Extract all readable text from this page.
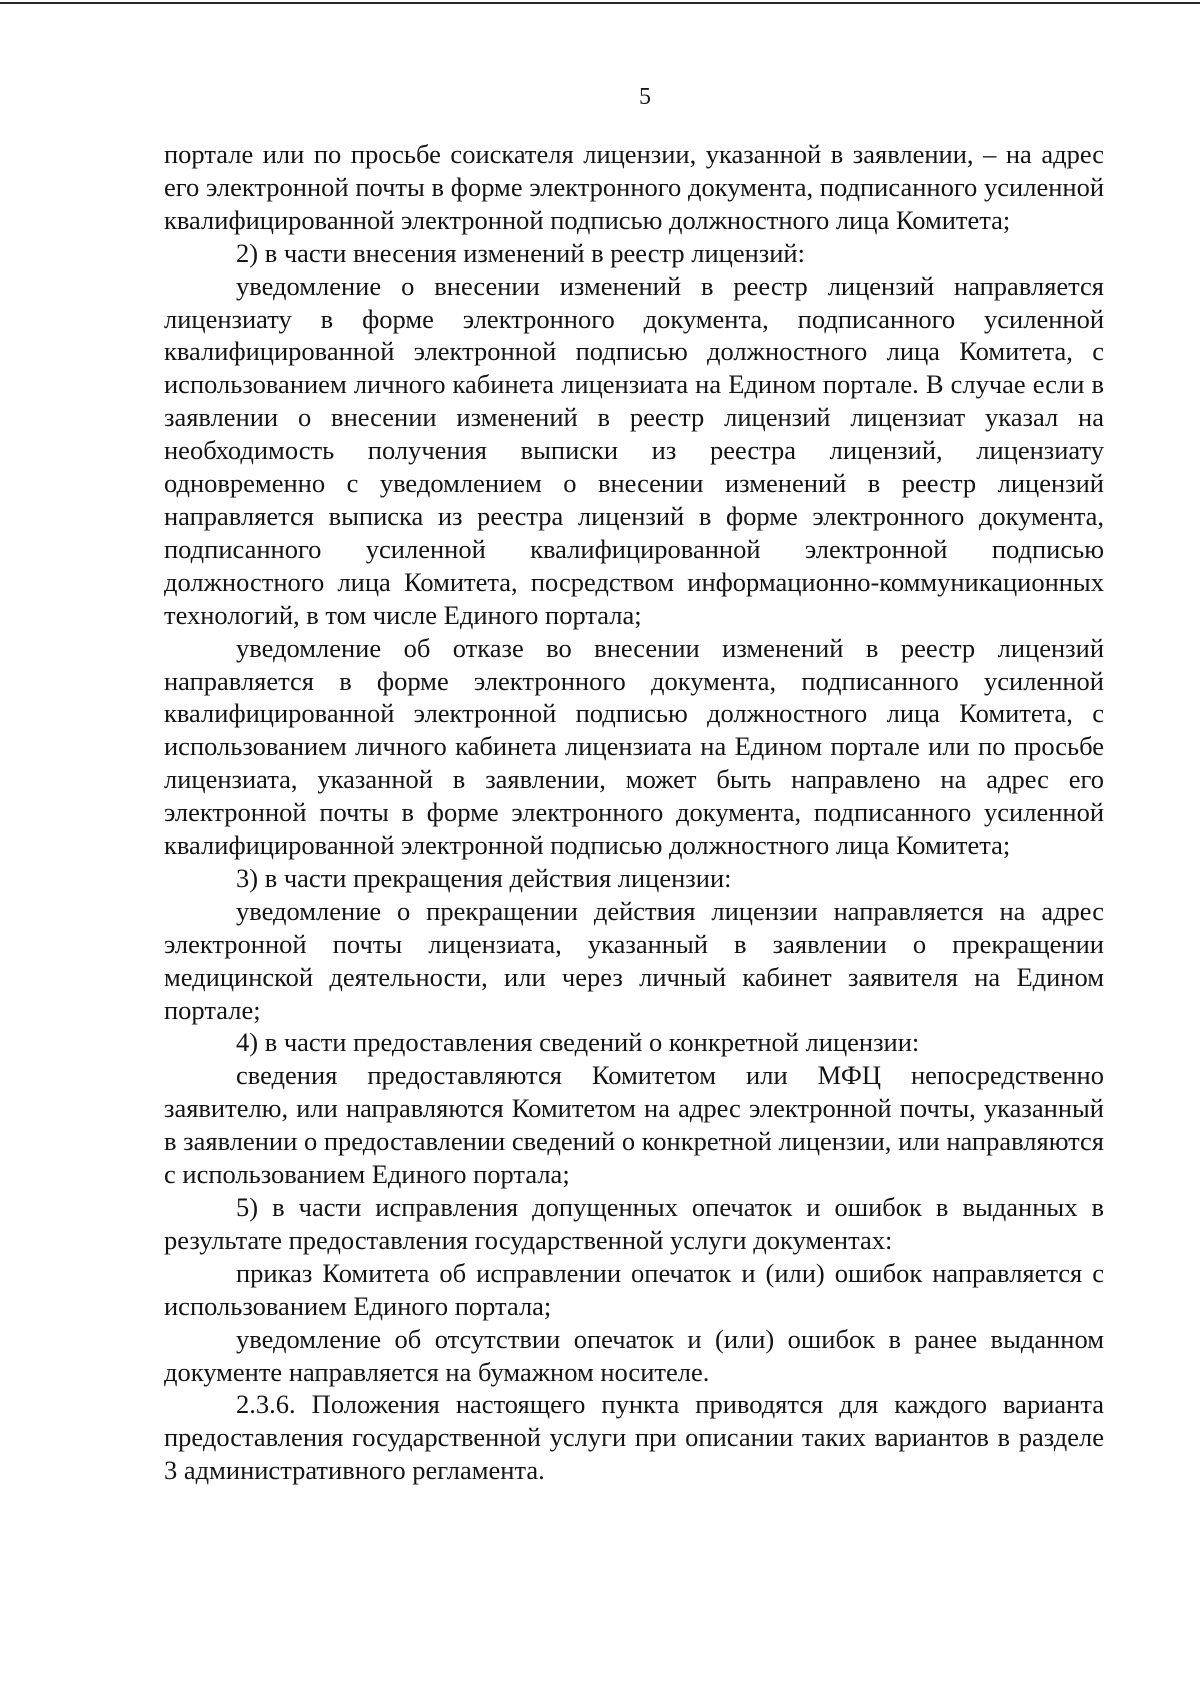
5

портале или по просьбе соискателя лицензии, указанной в заявлении, – на адрес его электронной почты в форме электронного документа, подписанного усиленной квалифицированной электронной подписью должностного лица Комитета;

2) в части внесения изменений в реестр лицензий:

уведомление о внесении изменений в реестр лицензий направляется лицензиату в форме электронного документа, подписанного усиленной квалифицированной электронной подписью должностного лица Комитета, с использованием личного кабинета лицензиата на Едином портале. В случае если в заявлении о внесении изменений в реестр лицензий лицензиат указал на необходимость получения выписки из реестра лицензий, лицензиату одновременно с уведомлением о внесении изменений в реестр лицензий направляется выписка из реестра лицензий в форме электронного документа, подписанного усиленной квалифицированной электронной подписью должностного лица Комитета, посредством информационно-коммуникационных технологий, в том числе Единого портала;

уведомление об отказе во внесении изменений в реестр лицензий направляется в форме электронного документа, подписанного усиленной квалифицированной электронной подписью должностного лица Комитета, с использованием личного кабинета лицензиата на Едином портале или по просьбе лицензиата, указанной в заявлении, может быть направлено на адрес его электронной почты в форме электронного документа, подписанного усиленной квалифицированной электронной подписью должностного лица Комитета;

3) в части прекращения действия лицензии:

уведомление о прекращении действия лицензии направляется на адрес электронной почты лицензиата, указанный в заявлении о прекращении медицинской деятельности, или через личный кабинет заявителя на Едином портале;

4) в части предоставления сведений о конкретной лицензии:

сведения предоставляются Комитетом или МФЦ непосредственно заявителю, или направляются Комитетом на адрес электронной почты, указанный в заявлении о предоставлении сведений о конкретной лицензии, или направляются с использованием Единого портала;

5) в части исправления допущенных опечаток и ошибок в выданных в результате предоставления государственной услуги документах:

приказ Комитета об исправлении опечаток и (или) ошибок направляется с использованием Единого портала;

уведомление об отсутствии опечаток и (или) ошибок в ранее выданном документе направляется на бумажном носителе.

2.3.6. Положения настоящего пункта приводятся для каждого варианта предоставления государственной услуги при описании таких вариантов в разделе 3 административного регламента.
